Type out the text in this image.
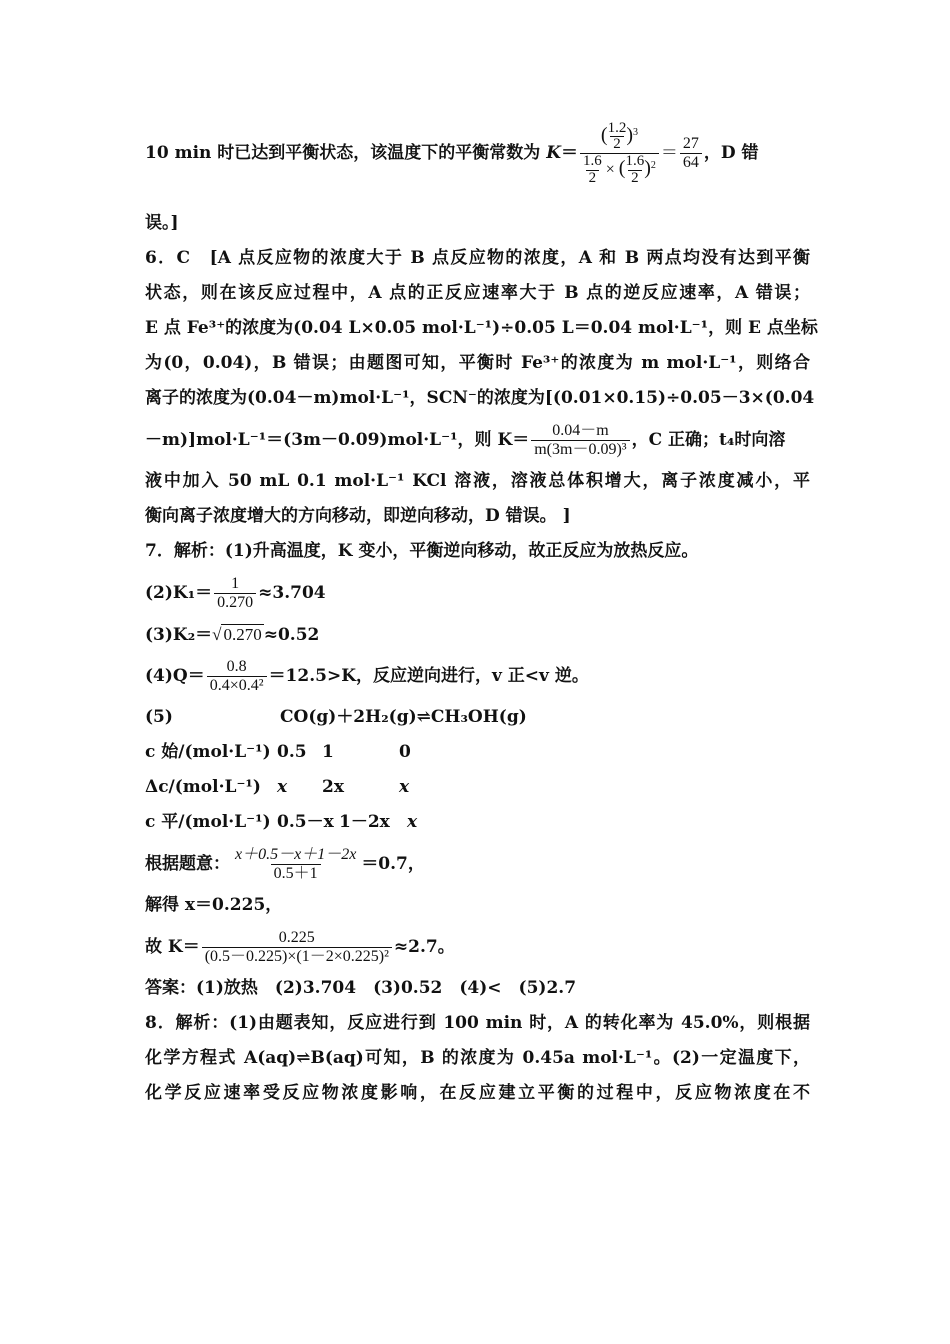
10 min 时已达到平衡状态，该温度下的平衡常数为 $K= \frac{( \frac{1.2}{2} )^3}{\frac{1.6}{2} \times ( \frac{1.6}{2} )^2} = \frac{27}{64}$ ，D 错
误。]
6．C　[A 点反应物的浓度大于 B 点反应物的浓度，A 和 B 两点均没有达到平衡
状态，则在该反应过程中，A 点的正反应速率大于 B 点的逆反应速率，A 错误；
E 点 Fe³⁺的浓度为(0.04 L×0.05 mol·L⁻¹)÷0.05 L＝0.04 mol·L⁻¹，则 E 点坐标
为(0，0.04)，B 错误；由题图可知，平衡时 Fe³⁺的浓度为 m mol·L⁻¹，则络合
离子的浓度为(0.04－m)mol·L⁻¹，SCN⁻的浓度为[(0.01×0.15)÷0.05－3×(0.04
－m)]mol·L⁻¹＝(3m－0.09)mol·L⁻¹，则 $K= \frac{0.04-m}{\text{m(3m－0.09)³}}$ ，C 正确；t₄时向溶
液中加入 50 mL 0.1 mol·L⁻¹ KCl 溶液，溶液总体积增大，离子浓度减小，平
衡向离子浓度增大的方向移动，即逆向移动，D 错误。 ]
7．解析：(1)升高温度，K 变小，平衡逆向移动，故正反应为放热反应。
$(2)K_1= \frac{1}{0.270} \approx 3.704$
(3)K₂＝√ 0.270 ≈0.52
$(4)Q= \frac{0.8}{\text{0.4×0.4²}} =12.5>K$，反应逆向进行，v 正<v 逆。
(5)	CO(g)＋2H₂(g)⇌CH₃OH(g)
c 始/(mol·L⁻¹) 0.5 1	0
Δc/(mol·L⁻¹) x 2x	x
c 平/(mol·L⁻¹) 0.5－x 1－2x x
根据题意： $\frac{x+0.5-x+1-2x}{0.5+1} =0.7$，
解得 x＝0.225，
故 $K= \frac{0.225}{\text{(0.5－0.225)×(1－2×0.225)²}} \approx 2.7$。
答案：(1)放热　(2)3.704　(3)0.52　(4)<　(5)2.7
8．解析：(1)由题表知，反应进行到 100 min 时，A 的转化率为 45.0%，则根据
化学方程式 A(aq)⇌B(aq)可知，B 的浓度为 0.45a mol·L⁻¹。(2)一定温度下，
化学反应速率受反应物浓度影响，在反应建立平衡的过程中，反应物浓度在不
